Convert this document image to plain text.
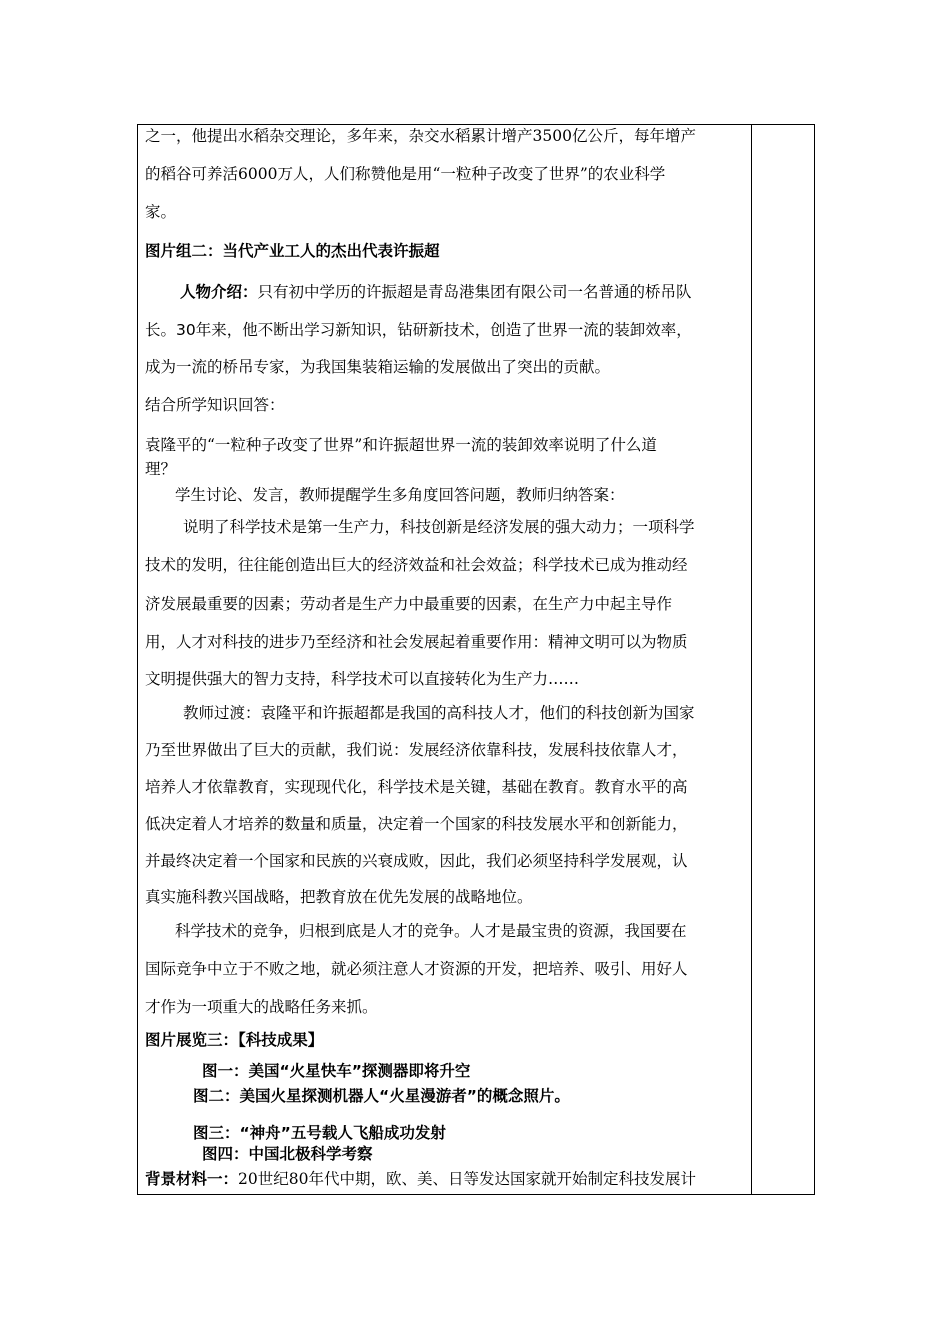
之一，他提出水稻杂交理论，多年来，杂交水稻累计增产3500亿公斤，每年增产
的稻谷可养活6000万人，人们称赞他是用“一粒种子改变了世界”的农业科学
家。
图片组二：当代产业工人的杰出代表许振超
人物介绍：只有初中学历的许振超是青岛港集团有限公司一名普通的桥吊队
长。30年来，他不断出学习新知识，钻研新技术，创造了世界一流的装卸效率，
成为一流的桥吊专家，为我国集装箱运输的发展做出了突出的贡献。
结合所学知识回答：
袁隆平的“一粒种子改变了世界”和许振超世界一流的装卸效率说明了什么道
理？
学生讨论、发言，教师提醒学生多角度回答问题，教师归纳答案：
说明了科学技术是第一生产力，科技创新是经济发展的强大动力；一项科学
技术的发明，往往能创造出巨大的经济效益和社会效益；科学技术已成为推动经
济发展最重要的因素；劳动者是生产力中最重要的因素，在生产力中起主导作
用，人才对科技的进步乃至经济和社会发展起着重要作用：精神文明可以为物质
文明提供强大的智力支持，科学技术可以直接转化为生产力……
教师过渡：袁隆平和许振超都是我国的高科技人才，他们的科技创新为国家
乃至世界做出了巨大的贡献，我们说：发展经济依靠科技，发展科技依靠人才，
培养人才依靠教育，实现现代化，科学技术是关键，基础在教育。教育水平的高
低决定着人才培养的数量和质量，决定着一个国家的科技发展水平和创新能力，
并最终决定着一个国家和民族的兴衰成败，因此，我们必须坚持科学发展观，认
真实施科教兴国战略，把教育放在优先发展的战略地位。
科学技术的竞争，归根到底是人才的竞争。人才是最宝贵的资源，我国要在
国际竞争中立于不败之地，就必须注意人才资源的开发，把培养、吸引、用好人
才作为一项重大的战略任务来抓。
图片展览三：【科技成果】
图一：美国“火星快车”探测器即将升空
图二：美国火星探测机器人“火星漫游者”的概念照片。
图三：“神舟”五号载人飞船成功发射
图四：中国北极科学考察
背景材料一：20世纪80年代中期，欧、美、日等发达国家就开始制定科技发展计
